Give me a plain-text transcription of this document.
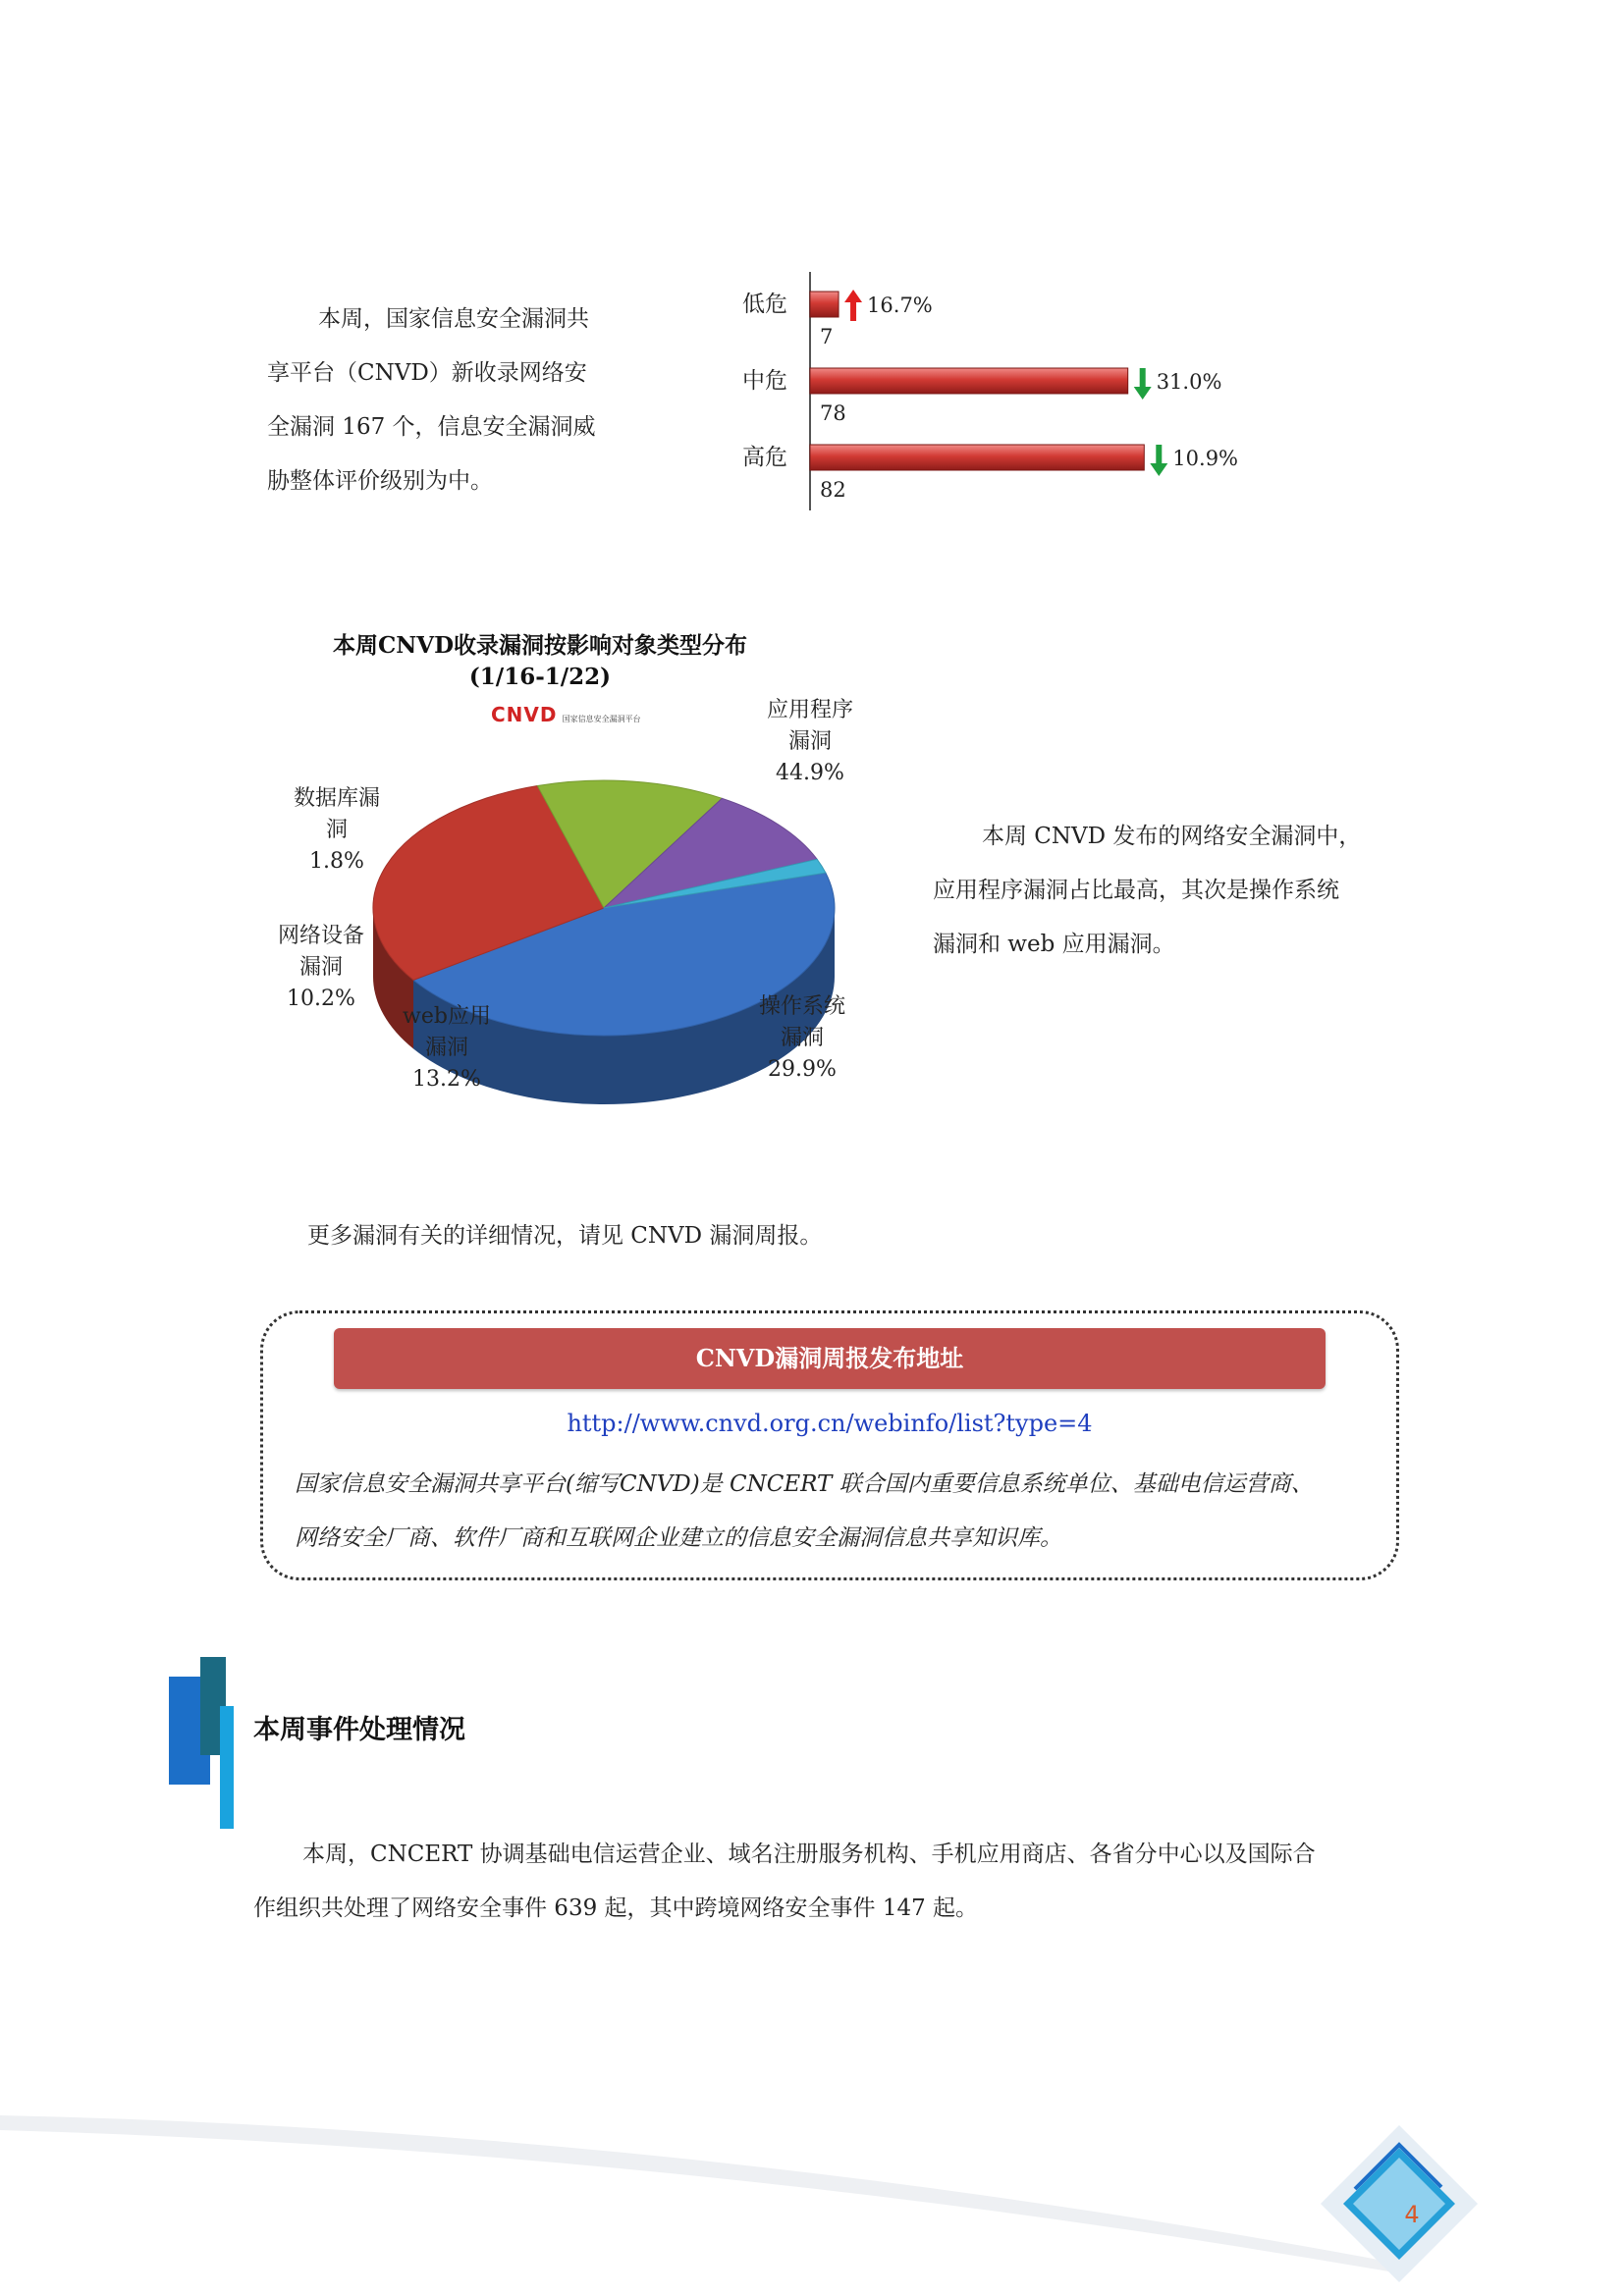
本周，国家信息安全漏洞共

享平台（CNVD）新收录网络安

全漏洞 167 个，信息安全漏洞威

胁整体评价级别为中。

低危
7
16.7%
中危
78
31.0%
高危
82
10.9%
本周CNVD收录漏洞按影响对象类型分布
(1/16-1/22)
CNVD 国家信息安全漏洞平台	应用程序
漏洞
44.9%
操作系统
漏洞
29.9%
web应用
漏洞
13.2%
网络设备
漏洞
10.2%
数据库漏
洞
1.8%

本周 CNVD 发布的网络安全漏洞中，

应用程序漏洞占比最高，其次是操作系统

漏洞和 web 应用漏洞。

更多漏洞有关的详细情况，请见 CNVD 漏洞周报。
CNVD漏洞周报发布地址
http://www.cnvd.org.cn/webinfo/list?type=4
国家信息安全漏洞共享平台(缩写CNVD)是 CNCERT 联合国内重要信息系统单位、基础电信运营商、
网络安全厂商、软件厂商和互联网企业建立的信息安全漏洞信息共享知识库。
本周事件处理情况

本周，CNCERT 协调基础电信运营企业、域名注册服务机构、手机应用商店、各省分中心以及国际合

作组织共处理了网络安全事件 639 起，其中跨境网络安全事件 147 起。

4
